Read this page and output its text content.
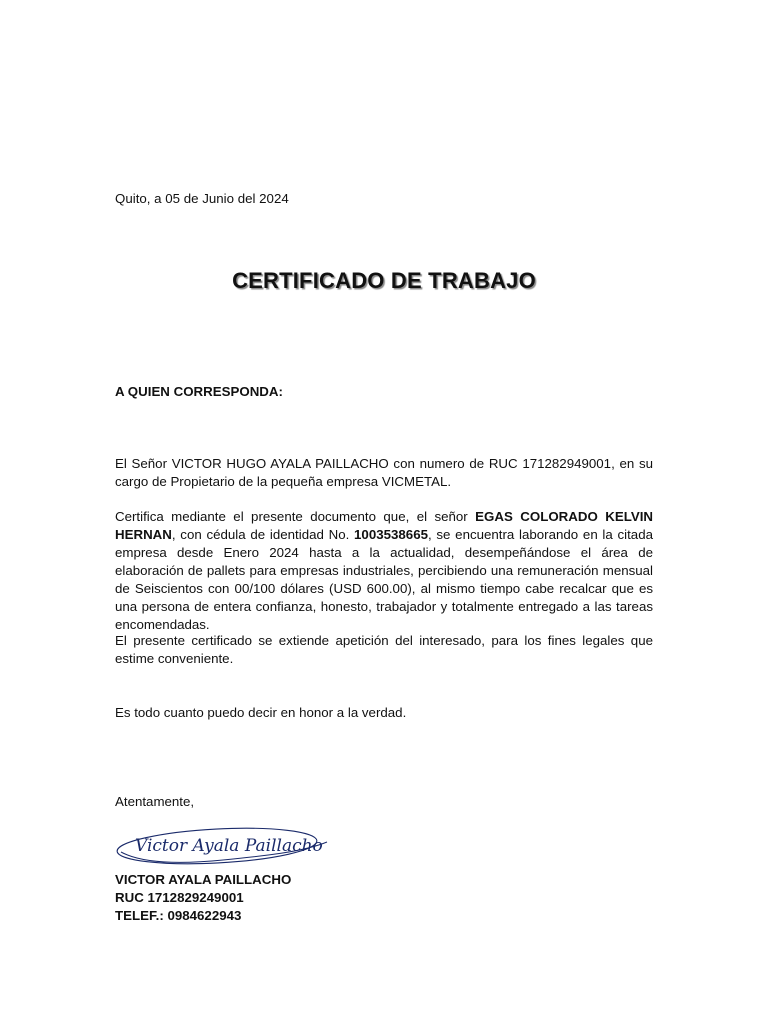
Quito, a 05 de Junio del 2024
CERTIFICADO DE TRABAJO
A QUIEN CORRESPONDA:
El Señor VICTOR HUGO AYALA PAILLACHO con numero de RUC 171282949001, en su cargo de Propietario de la pequeña empresa VICMETAL.
Certifica mediante el presente documento que, el señor EGAS COLORADO KELVIN HERNAN, con cédula de identidad No. 1003538665, se encuentra laborando en la citada empresa desde Enero 2024 hasta a la actualidad, desempeñándose el área de elaboración de pallets para empresas industriales, percibiendo una remuneración mensual de Seiscientos con 00/100 dólares (USD 600.00), al mismo tiempo cabe recalcar que es una persona de entera confianza, honesto, trabajador y totalmente entregado a las tareas encomendadas.
El presente certificado se extiende apetición del interesado, para los fines legales que estime conveniente.
Es todo cuanto puedo decir en honor a la verdad.
Atentamente,
Victor Ayala Paillacho
VICTOR AYALA PAILLACHO
RUC 1712829249001
TELEF.: 0984622943
